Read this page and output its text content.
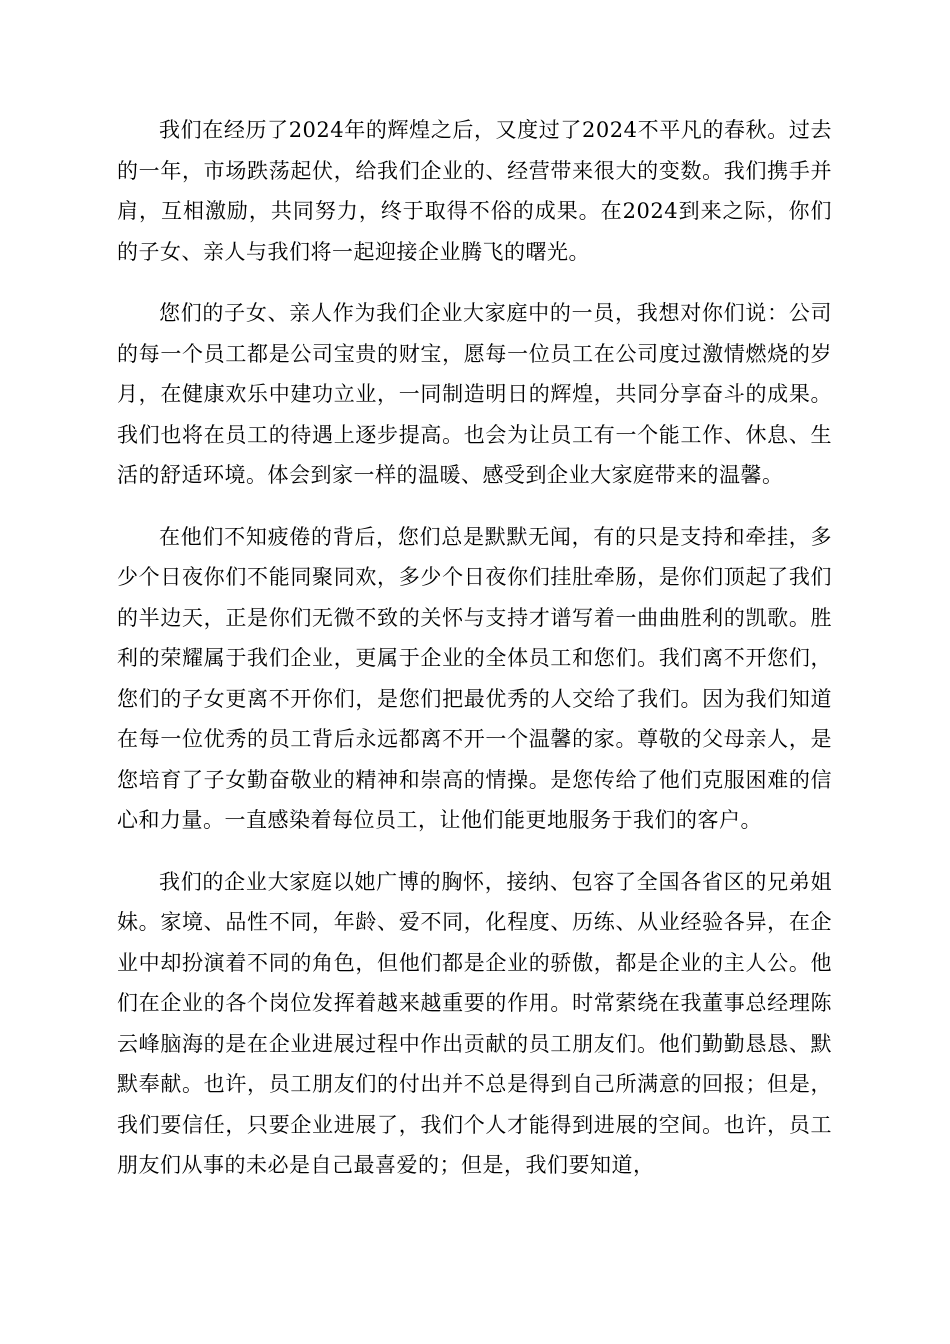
我们在经历了2024年的辉煌之后，又度过了2024不平凡的春秋。过去的一年，市场跌荡起伏，给我们企业的、经营带来很大的变数。我们携手并肩，互相激励，共同努力，终于取得不俗的成果。在2024到来之际，你们的子女、亲人与我们将一起迎接企业腾飞的曙光。

您们的子女、亲人作为我们企业大家庭中的一员，我想对你们说：公司的每一个员工都是公司宝贵的财宝，愿每一位员工在公司度过激情燃烧的岁月，在健康欢乐中建功立业，一同制造明日的辉煌，共同分享奋斗的成果。我们也将在员工的待遇上逐步提高。也会为让员工有一个能工作、休息、生活的舒适环境。体会到家一样的温暖、感受到企业大家庭带来的温馨。

在他们不知疲倦的背后，您们总是默默无闻，有的只是支持和牵挂，多少个日夜你们不能同聚同欢，多少个日夜你们挂肚牵肠，是你们顶起了我们的半边天，正是你们无微不致的关怀与支持才谱写着一曲曲胜利的凯歌。胜利的荣耀属于我们企业，更属于企业的全体员工和您们。我们离不开您们，您们的子女更离不开你们，是您们把最优秀的人交给了我们。因为我们知道在每一位优秀的员工背后永远都离不开一个温馨的家。尊敬的父母亲人，是您培育了子女勤奋敬业的精神和崇高的情操。是您传给了他们克服困难的信心和力量。一直感染着每位员工，让他们能更地服务于我们的客户。

我们的企业大家庭以她广博的胸怀，接纳、包容了全国各省区的兄弟姐妹。家境、品性不同，年龄、爱不同，化程度、历练、从业经验各异，在企业中却扮演着不同的角色，但他们都是企业的骄傲，都是企业的主人公。他们在企业的各个岗位发挥着越来越重要的作用。时常萦绕在我董事总经理陈云峰脑海的是在企业进展过程中作出贡献的员工朋友们。他们勤勤恳恳、默默奉献。也许，员工朋友们的付出并不总是得到自己所满意的回报；但是，我们要信任，只要企业进展了，我们个人才能得到进展的空间。也许，员工朋友们从事的未必是自己最喜爱的；但是，我们要知道，
